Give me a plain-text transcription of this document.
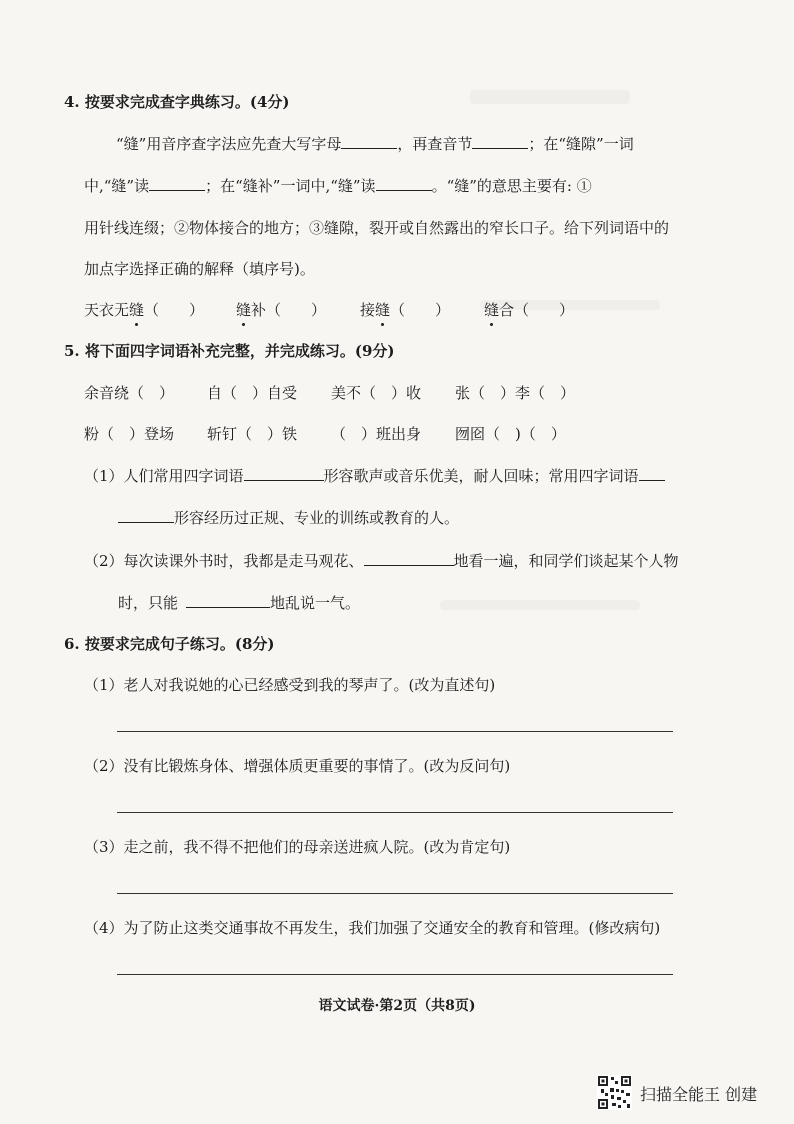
4. 按要求完成查字典练习。(4分)
“缝”用音序查字法应先查大写字母	，再查音节	；在“缝隙”一词
中,“缝”读	；在“缝补”一词中,“缝”读	。“缝”的意思主要有: ①
用针线连缀；②物体接合的地方；③缝隙，裂开或自然露出的窄长口子。给下列词语中的
加点字选择正确的解释（填序号)。
天衣无缝（　　） 缝补（　　） 接缝（　　） 缝合（　　）
5. 将下面四字词语补充完整，并完成练习。(9分)
余音绕（　） 自（　）自受 美不（　）收 张（　）李（　）
粉（　）登场 斩钉（　）铁 （　）班出身 囫囵（　)（　）
（1）人们常用四字词语	形容歌声或音乐优美，耐人回味；常用四字词语
形容经历过正规、专业的训练或教育的人。
（2）每次读课外书时，我都是走马观花、	地看一遍，和同学们谈起某个人物
时，只能	地乱说一气。
6. 按要求完成句子练习。(8分)
（1）老人对我说她的心已经感受到我的琴声了。(改为直述句)
（2）没有比锻炼身体、增强体质更重要的事情了。(改为反问句)
（3）走之前，我不得不把他们的母亲送进疯人院。(改为肯定句)
（4）为了防止这类交通事故不再发生，我们加强了交通安全的教育和管理。(修改病句)
语文试卷·第2页（共8页)
扫描全能王 创建
